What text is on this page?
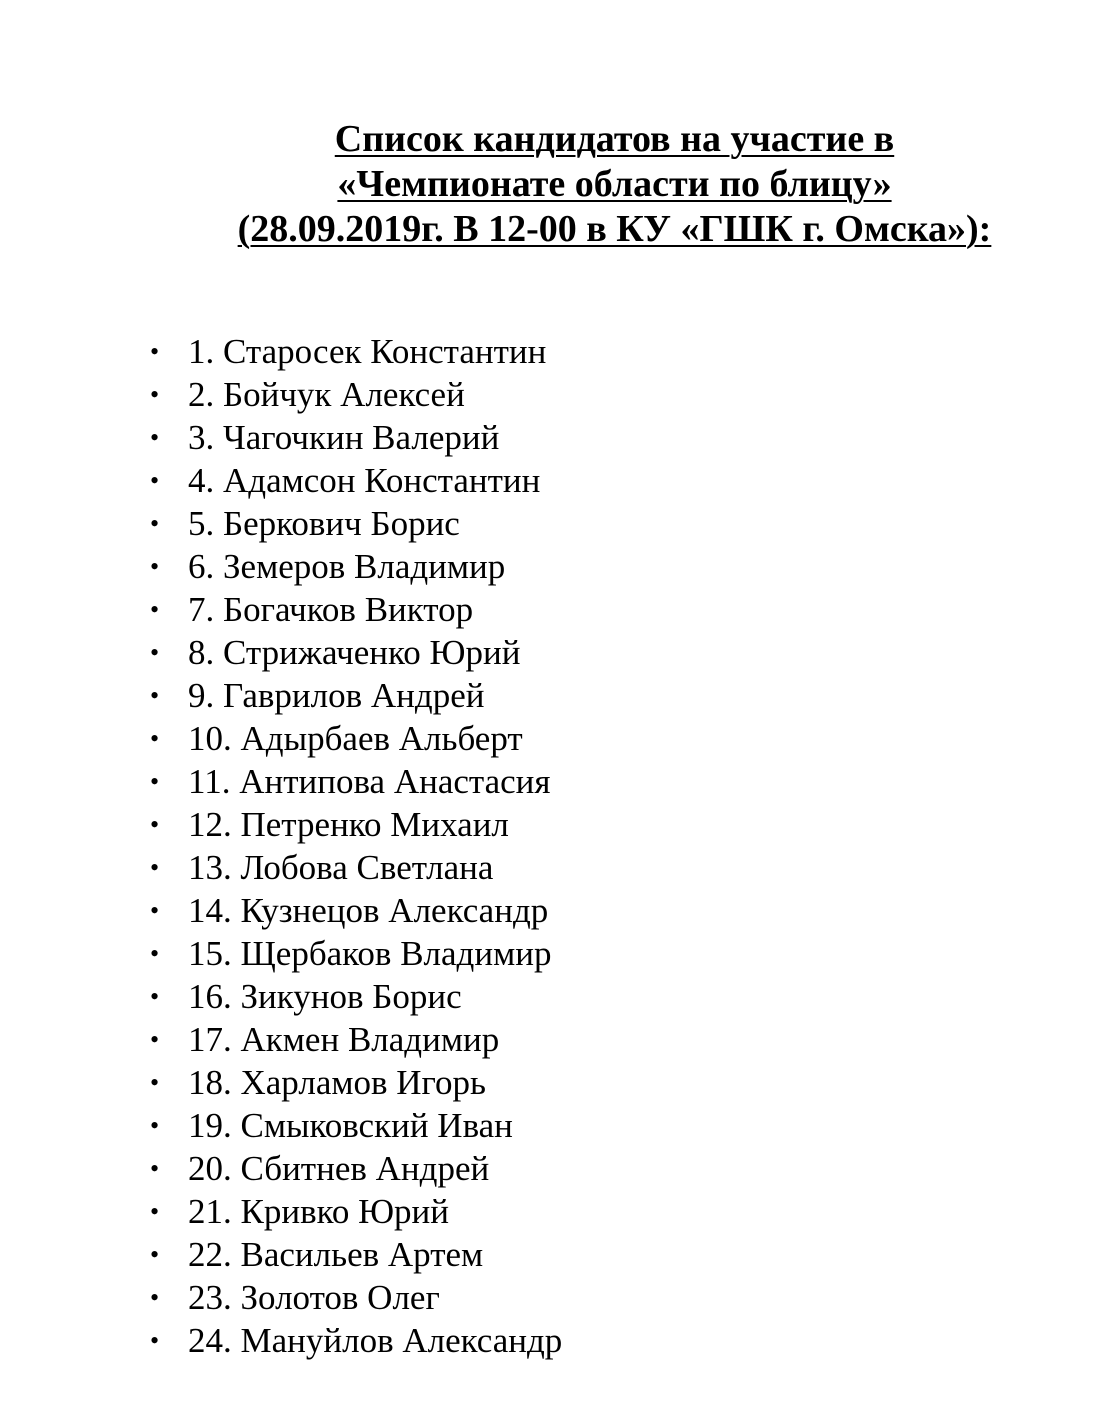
Список кандидатов на участие в
«Чемпионате области по блицу»
(28.09.2019г. В 12-00 в КУ «ГШК г. Омска»):
• 1. Старосек Константин
• 2. Бойчук Алексей
• 3. Чагочкин Валерий
• 4. Адамсон Константин
• 5. Беркович Борис
• 6. Земеров Владимир
• 7. Богачков Виктор
• 8. Стрижаченко Юрий
• 9. Гаврилов Андрей
• 10. Адырбаев Альберт
• 11. Антипова Анастасия
• 12. Петренко Михаил
• 13. Лобова Светлана
• 14. Кузнецов Александр
• 15. Щербаков Владимир
• 16. Зикунов Борис
• 17. Акмен Владимир
• 18. Харламов Игорь
• 19. Смыковский Иван
• 20. Сбитнев Андрей
• 21. Кривко Юрий
• 22. Васильев Артем
• 23. Золотов Олег
• 24. Мануйлов Александр
